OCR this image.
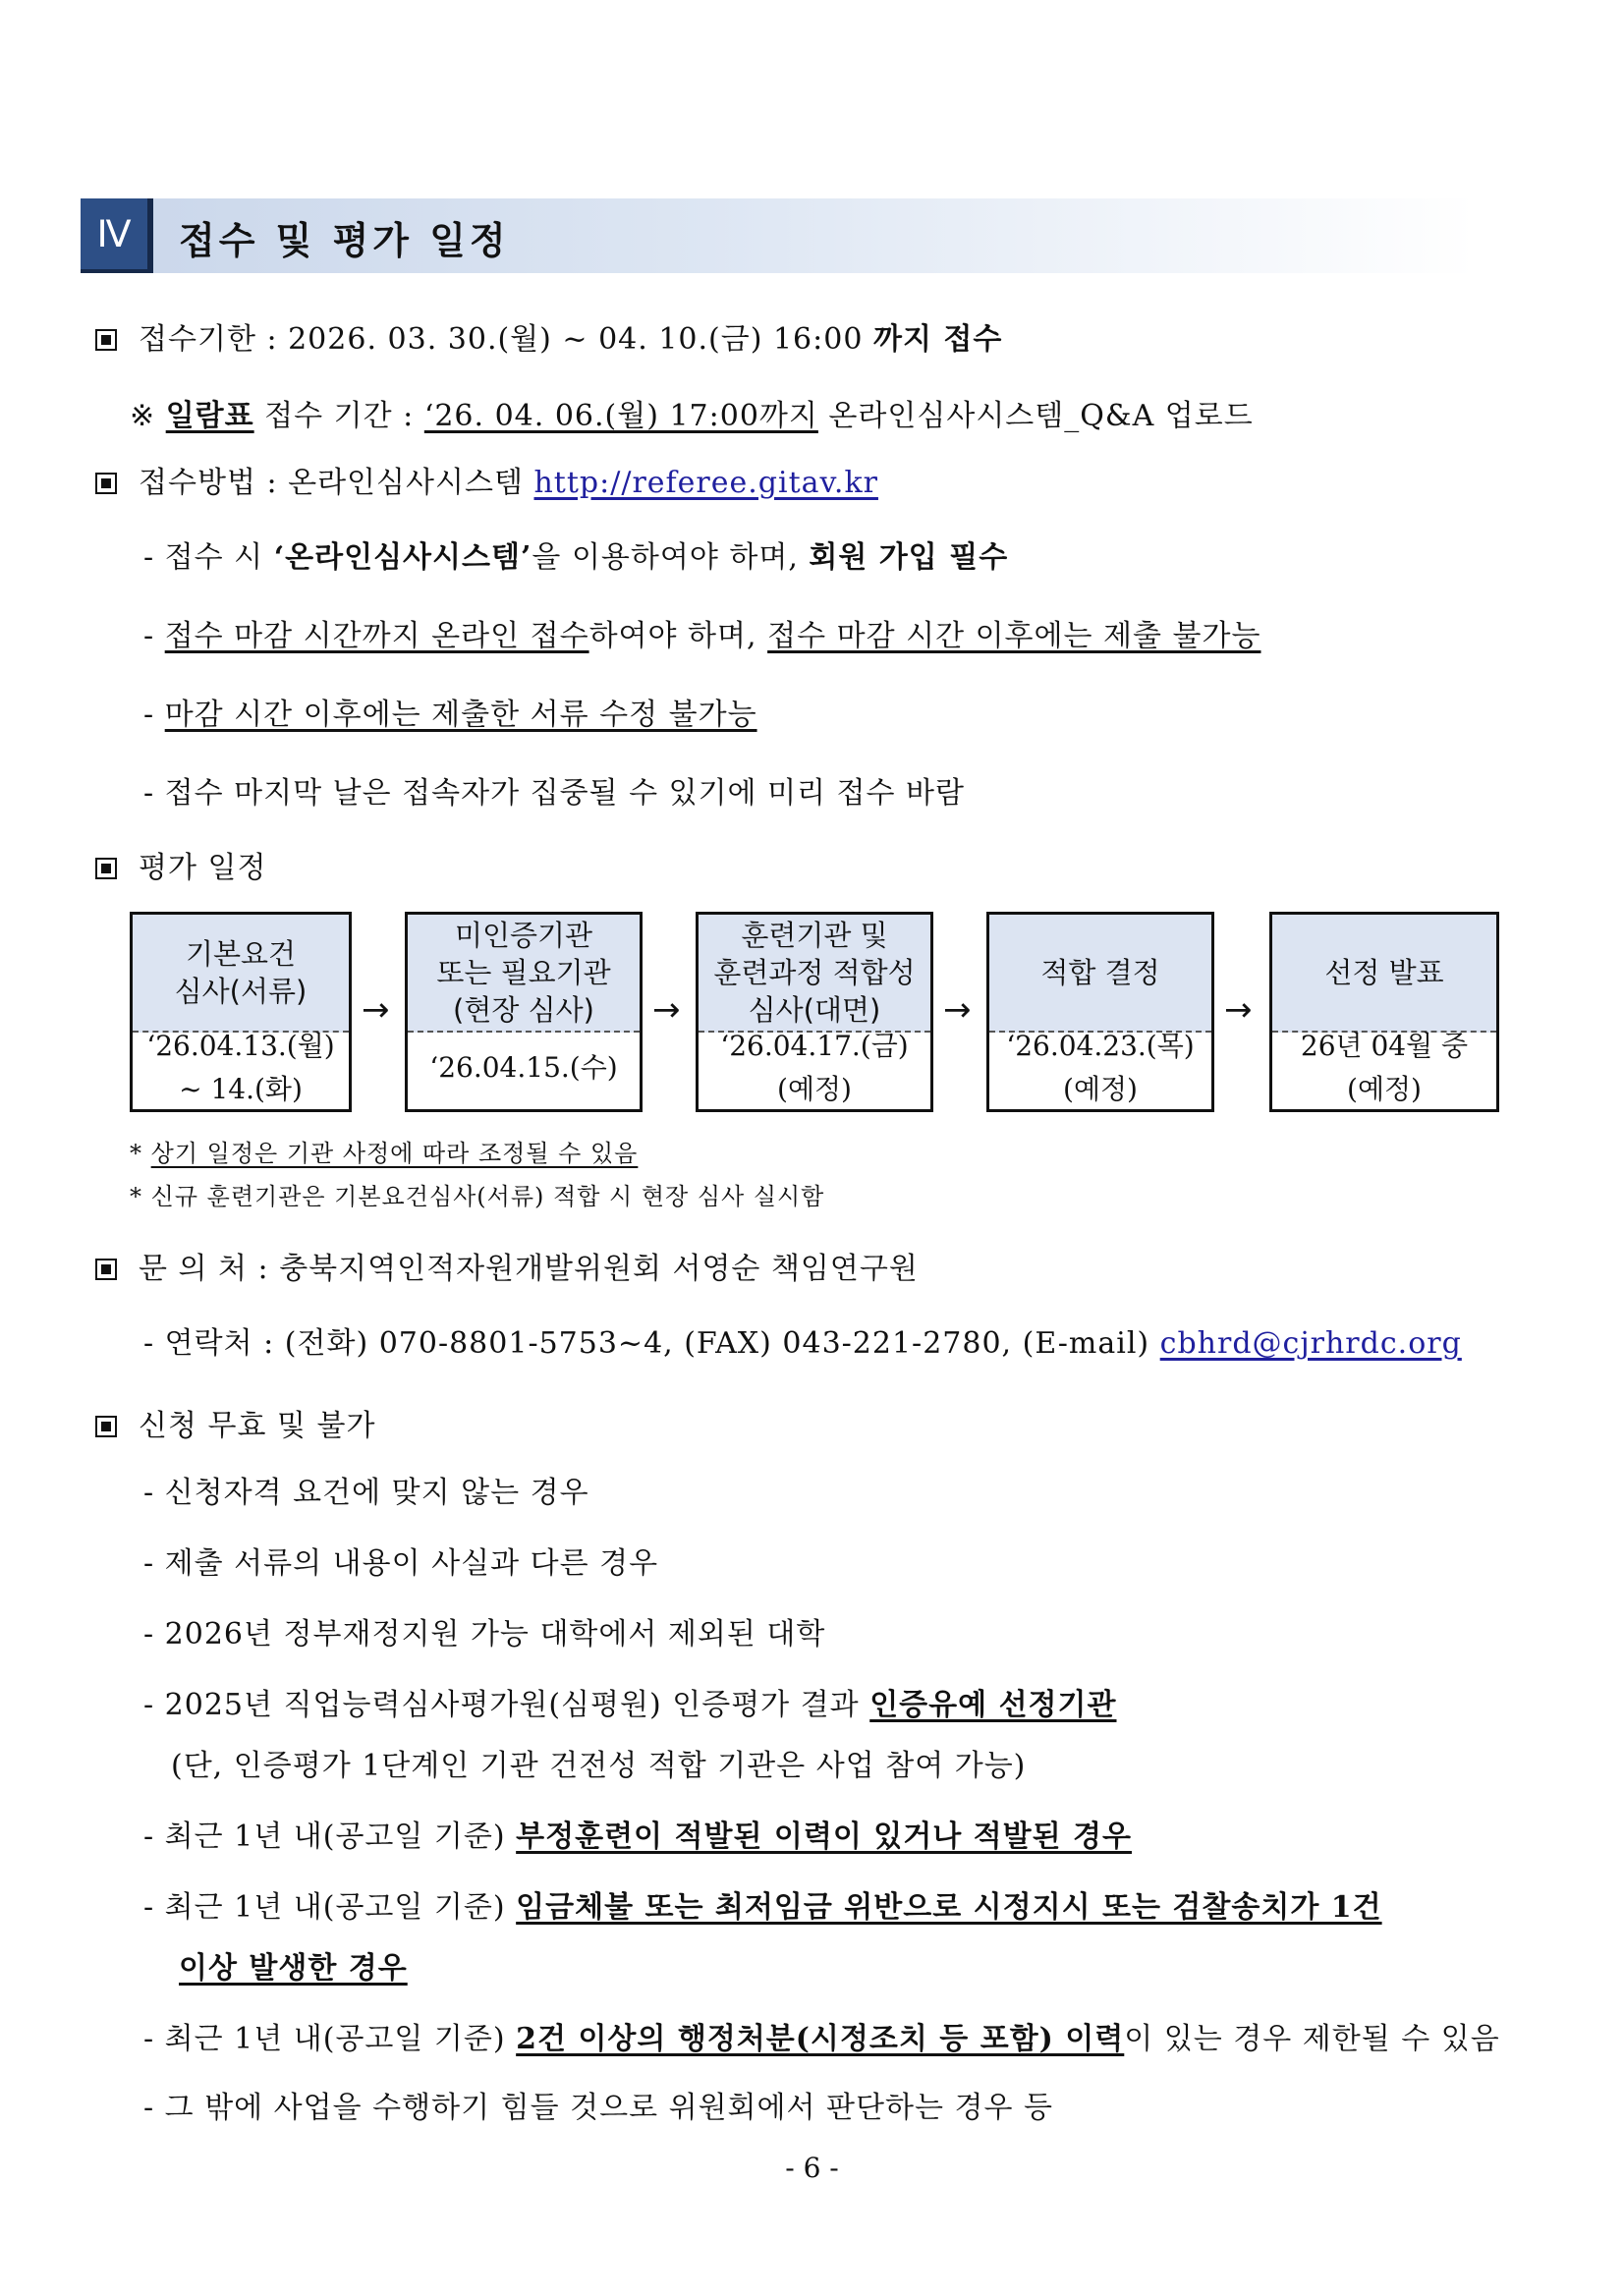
Ⅳ	접수 및 평가 일정
접수기한 : 2026. 03. 30.(월) ~ 04. 10.(금) 16:00 까지 접수
※ 일람표 접수 기간 : ‘26. 04. 06.(월) 17:00까지 온라인심사시스템_Q&A 업로드
접수방법 : 온라인심사시스템 http://referee.gitav.kr
- 접수 시 ‘온라인심사시스템’을 이용하여야 하며, 회원 가입 필수
- 접수 마감 시간까지 온라인 접수하여야 하며, 접수 마감 시간 이후에는 제출 불가능
- 마감 시간 이후에는 제출한 서류 수정 불가능
- 접수 마지막 날은 접속자가 집중될 수 있기에 미리 접수 바람
평가 일정
기본요건
심사(서류)
‘26.04.13.(월)
~ 14.(화)
→
미인증기관
또는 필요기관
(현장 심사)
‘26.04.15.(수)
→
훈련기관 및
훈련과정 적합성
심사(대면)
‘26.04.17.(금)
(예정)
→
적합 결정
‘26.04.23.(목)
(예정)
→
선정 발표
26년 04월 중
(예정)
* 상기 일정은 기관 사정에 따라 조정될 수 있음
* 신규 훈련기관은 기본요건심사(서류) 적합 시 현장 심사 실시함
문 의 처 : 충북지역인적자원개발위원회 서영순 책임연구원
- 연락처 : (전화) 070-8801-5753~4, (FAX) 043-221-2780, (E-mail) cbhrd@cjrhrdc.org
신청 무효 및 불가
- 신청자격 요건에 맞지 않는 경우
- 제출 서류의 내용이 사실과 다른 경우
- 2026년 정부재정지원 가능 대학에서 제외된 대학
- 2025년 직업능력심사평가원(심평원) 인증평가 결과 인증유예 선정기관
(단, 인증평가 1단계인 기관 건전성 적합 기관은 사업 참여 가능)
- 최근 1년 내(공고일 기준) 부정훈련이 적발된 이력이 있거나 적발된 경우
- 최근 1년 내(공고일 기준) 임금체불 또는 최저임금 위반으로 시정지시 또는 검찰송치가 1건
이상 발생한 경우
- 최근 1년 내(공고일 기준) 2건 이상의 행정처분(시정조치 등 포함) 이력이 있는 경우 제한될 수 있음
- 그 밖에 사업을 수행하기 힘들 것으로 위원회에서 판단하는 경우 등
- 6 -
